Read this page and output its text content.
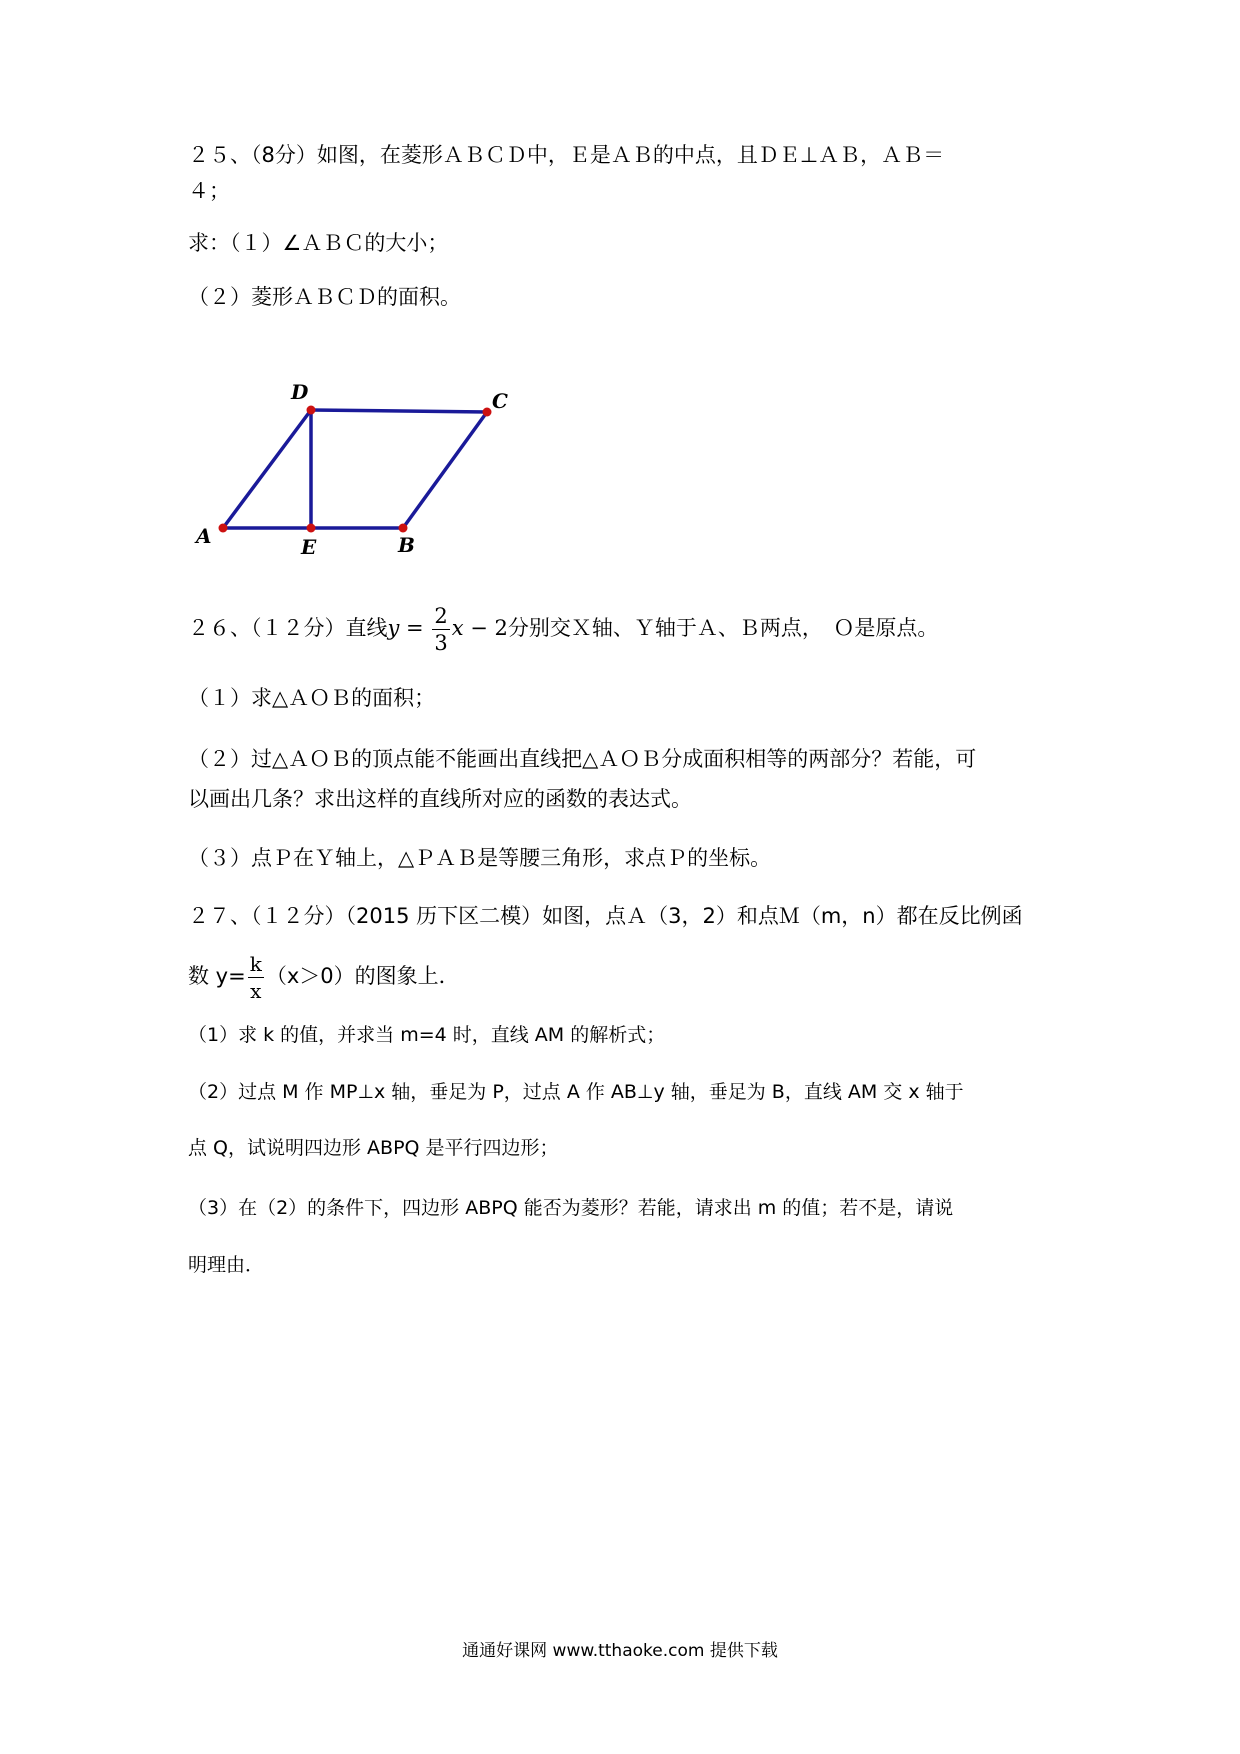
２５、（8分）如图，在菱形ＡＢＣＤ中，Ｅ是ＡＢ的中点，且ＤＥ⊥ＡＢ，ＡＢ＝
４；
求：（１）∠ＡＢＣ的大小；
（２）菱形ＡＢＣＤ的面积。
A	E	B
C
D
２６、（１２分）直线$y = \frac{2}{3}$ x − 2分别交Ｘ轴、Ｙ轴于Ａ、Ｂ两点，　Ｏ是原点。
（１）求△ＡＯＢ的面积；
（２）过△ＡＯＢ的顶点能不能画出直线把△ＡＯＢ分成面积相等的两部分？若能，可
以画出几条？求出这样的直线所对应的函数的表达式。
（３）点Ｐ在Ｙ轴上，△ＰＡＢ是等腰三角形，求点Ｐ的坐标。
２７、（１２分）（2015 历下区二模）如图，点Ａ（3，2）和点Ｍ（m，n）都在反比例函
数 $y= \frac{k}{x} (x>0)$的图象上．
（1）求 k 的值，并求当 m=4 时，直线 AM 的解析式；
（2）过点 M 作 MP⊥x 轴，垂足为 P，过点 A 作 AB⊥y 轴，垂足为 B，直线 AM 交 x 轴于
点 Q，试说明四边形 ABPQ 是平行四边形；
（3）在（2）的条件下，四边形 ABPQ 能否为菱形？若能，请求出 m 的值；若不是，请说
明理由．
通通好课网 www.tthaoke.com 提供下载
